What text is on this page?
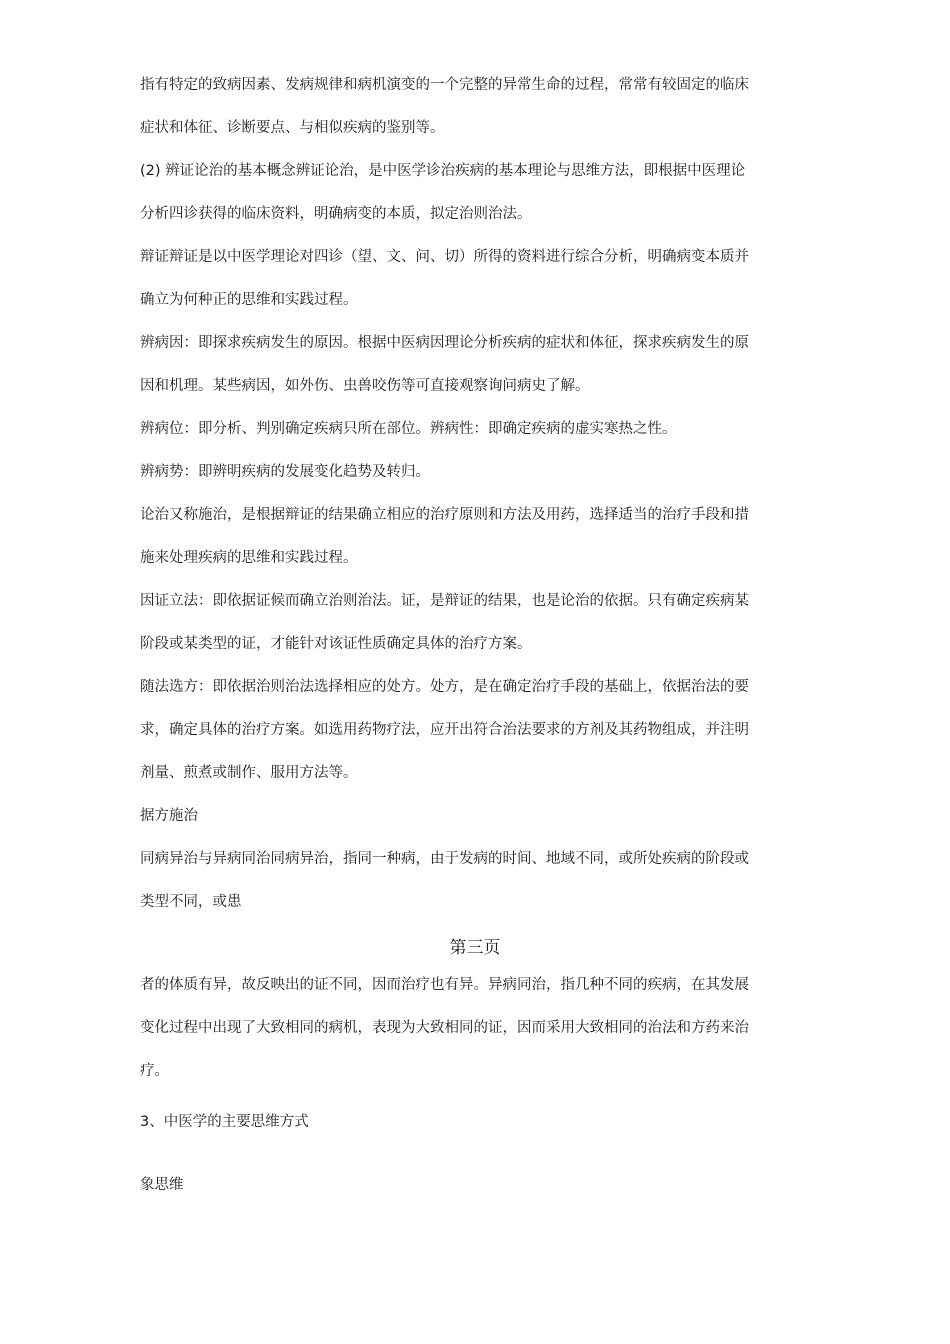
指有特定的致病因素、发病规律和病机演变的一个完整的异常生命的过程，常常有较固定的临床
症状和体征、诊断要点、与相似疾病的鉴别等。
(2) 辨证论治的基本概念辨证论治，是中医学诊治疾病的基本理论与思维方法，即根据中医理论
分析四诊获得的临床资料，明确病变的本质，拟定治则治法。
辩证辩证是以中医学理论对四诊（望、文、问、切）所得的资料进行综合分析，明确病变本质并
确立为何种正的思维和实践过程。
辨病因：即探求疾病发生的原因。根据中医病因理论分析疾病的症状和体征，探求疾病发生的原
因和机理。某些病因，如外伤、虫兽咬伤等可直接观察询问病史了解。
辨病位：即分析、判别确定疾病只所在部位。辨病性：即确定疾病的虚实寒热之性。
辨病势：即辨明疾病的发展变化趋势及转归。
论治又称施治，是根据辩证的结果确立相应的治疗原则和方法及用药，选择适当的治疗手段和措
施来处理疾病的思维和实践过程。
因证立法：即依据证候而确立治则治法。证，是辩证的结果，也是论治的依据。只有确定疾病某
阶段或某类型的证，才能针对该证性质确定具体的治疗方案。
随法选方：即依据治则治法选择相应的处方。处方，是在确定治疗手段的基础上，依据治法的要
求，确定具体的治疗方案。如选用药物疗法，应开出符合治法要求的方剂及其药物组成，并注明
剂量、煎煮或制作、服用方法等。
据方施治
同病异治与异病同治同病异治，指同一种病，由于发病的时间、地域不同，或所处疾病的阶段或
类型不同，或患
第三页
者的体质有异，故反映出的证不同，因而治疗也有异。异病同治，指几种不同的疾病，在其发展
变化过程中出现了大致相同的病机，表现为大致相同的证，因而采用大致相同的治法和方药来治
疗。
3、中医学的主要思维方式
象思维
